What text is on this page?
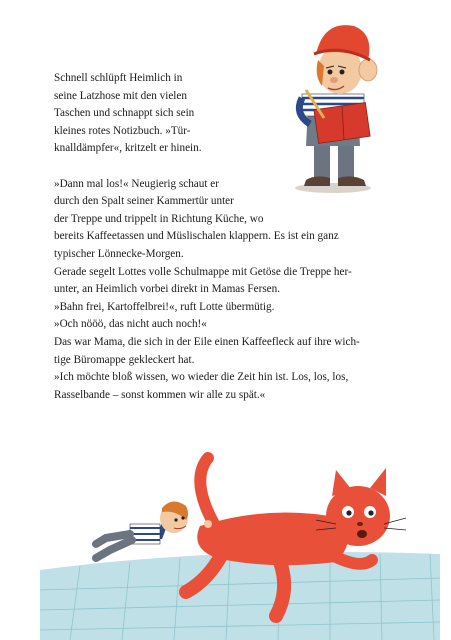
Schnell schlüpft Heimlich in

seine Latzhose mit den vielen

Taschen und schnappt sich sein

kleines rotes Notizbuch. »Tür-

knalldämpfer«, kritzelt er hinein.

»Dann mal los!« Neugierig schaut er

durch den Spalt seiner Kammertür unter

der Treppe und trippelt in Richtung Küche, wo

bereits Kaffeetassen und Müslischalen klappern. Es ist ein ganz

typischer Lönnecke-Morgen.

Gerade segelt Lottes volle Schulmappe mit Getöse die Treppe her-

unter, an Heimlich vorbei direkt in Mamas Fersen.

»Bahn frei, Kartoffelbrei!«, ruft Lotte übermütig.

»Och nööö, das nicht auch noch!«

Das war Mama, die sich in der Eile einen Kaffeefleck auf ihre wich-

tige Büromappe gekleckert hat.

»Ich möchte bloß wissen, wo wieder die Zeit hin ist. Los, los, los,

Rasselbande – sonst kommen wir alle zu spät.«
